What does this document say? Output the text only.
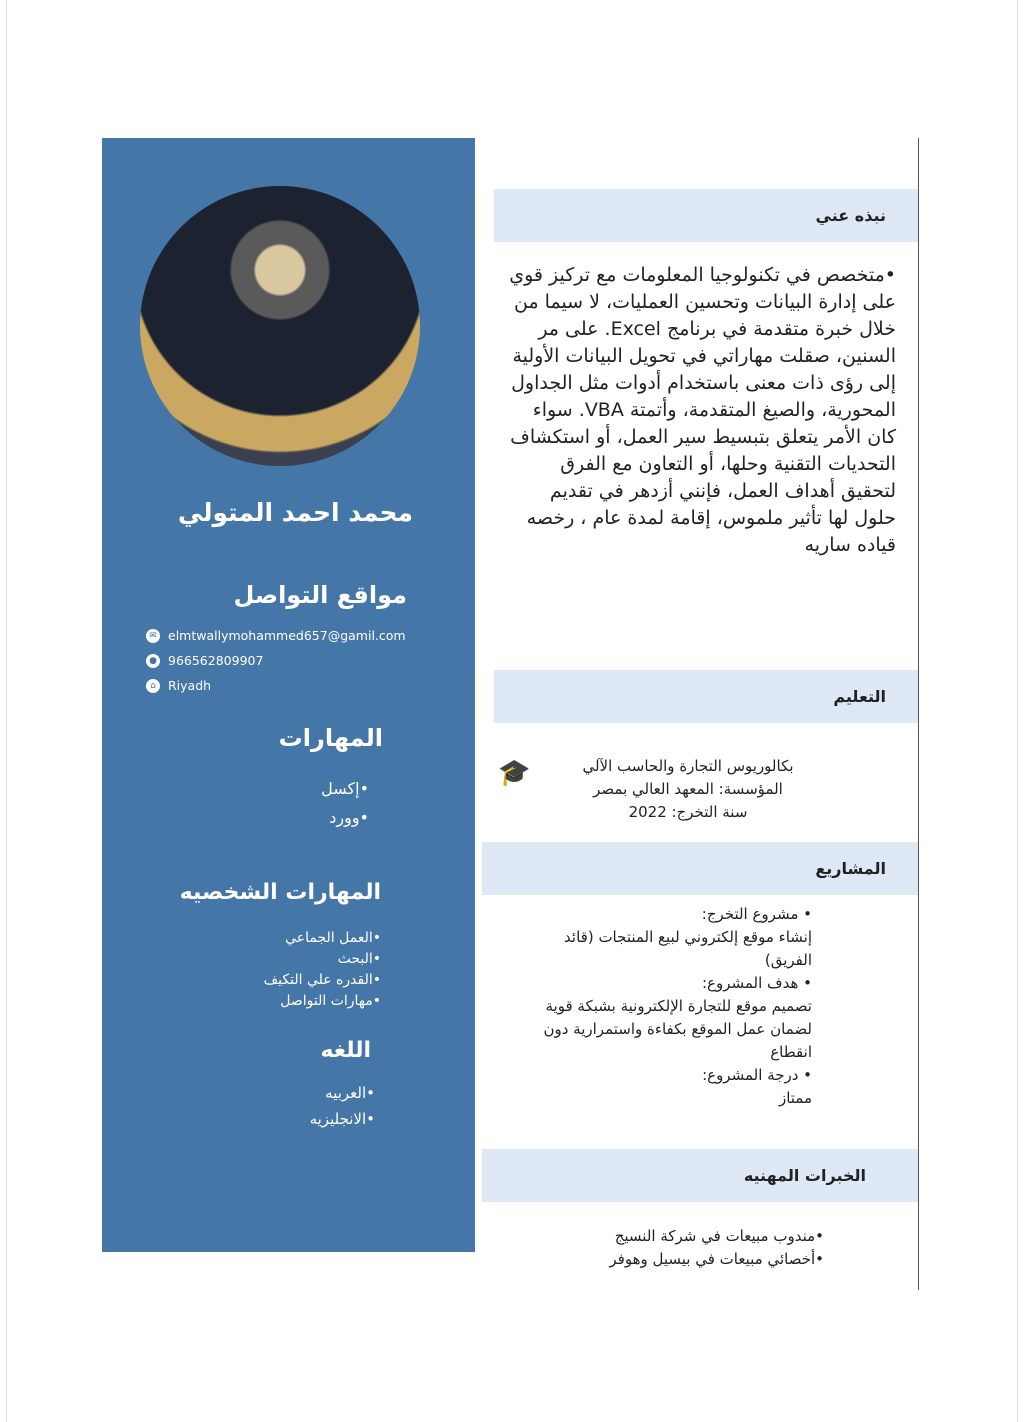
محمد احمد المتولي
مواقع التواصل
✉ elmtwallymohammed657@gamil.com
● 966562809907
⌂ Riyadh
المهارات
•إكسل
•وورد
المهارات الشخصيه
•العمل الجماعي
•البحث
•القدره علي التكيف
•مهارات التواصل
اللغه
•العربيه
•الانجليزيه
نبذه عني
•متخصص في تكنولوجيا المعلومات مع تركيز قوي على إدارة البيانات وتحسين العمليات، لا سيما من خلال خبرة متقدمة في برنامج Excel. على مر السنين، صقلت مهاراتي في تحويل البيانات الأولية إلى رؤى ذات معنى باستخدام أدوات مثل الجداول المحورية، والصيغ المتقدمة، وأتمتة VBA. سواء كان الأمر يتعلق بتبسيط سير العمل، أو استكشاف التحديات التقنية وحلها، أو التعاون مع الفرق لتحقيق أهداف العمل، فإنني أزدهر في تقديم حلول لها تأثير ملموس، إقامة لمدة عام ، رخصه قياده ساريه
التعليم
🎓	بكالوريوس التجارة والحاسب الآلي
المؤسسة: المعهد العالي بمصر
سنة التخرج: 2022
المشاريع
• مشروع التخرج:
إنشاء موقع إلكتروني لبيع المنتجات (قائد الفريق)
• هدف المشروع:
تصميم موقع للتجارة الإلكترونية بشبكة قوية لضمان عمل الموقع بكفاءة واستمرارية دون انقطاع
• درجة المشروع:
ممتاز
الخبرات المهنيه
•مندوب مبيعات في شركة النسيج
•أخصائي مبيعات في بيسيل وهوفر
